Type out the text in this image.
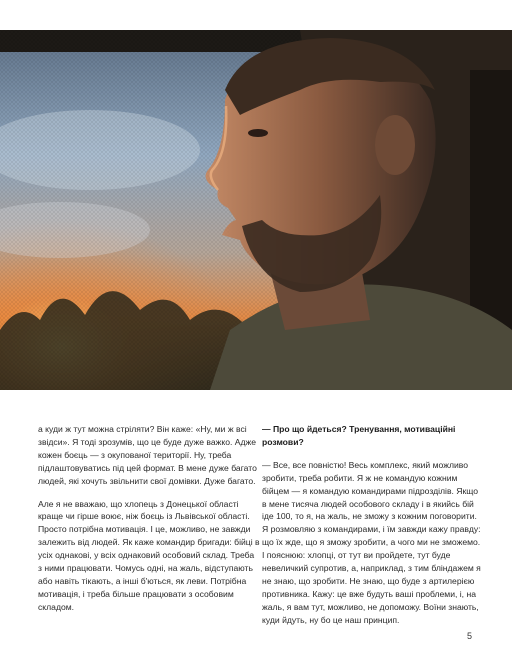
а куди ж тут можна стріляти? Він каже: «Ну, ми ж всі звідси». Я тоді зрозумів, що це буде дуже важко. Адже кожен боєць — з окупованої території. Ну, треба підлаштовуватись під цей формат. В мене дуже багато людей, які хочуть звільнити свої домівки. Дуже багато.

Але я не вважаю, що хлопець з Донецької області краще чи гірше воює, ніж боєць із Львівської області. Просто потрібна мотивація. І це, можливо, не завжди залежить від людей. Як каже командир бригади: бійці в усіх однакові, у всіх однаковий особовий склад. Треба з ними працювати. Чомусь одні, на жаль, відступають або навіть тікають, а інші б'ються, як леви. Потрібна мотивація, і треба більше працювати з особовим складом.

— Про що йдеться? Тренування, мотиваційні розмови?

— Все, все повністю! Весь комплекс, який можливо зробити, треба робити. Я ж не командую кожним бійцем — я командую командирами підрозділів. Якщо в мене тисяча людей особового складу і в якийсь бій іде 100, то я, на жаль, не зможу з кожним поговорити. Я розмовляю з командирами, і їм завжди кажу правду: що їх жде, що я зможу зробити, а чого ми не зможемо. І пояснюю: хлопці, от тут ви пройдете, тут буде невеличкий супротив, а, наприклад, з тим бліндажем я не знаю, що зробити. Не знаю, що буде з артилерією противника. Кажу: це вже будуть ваші проблеми, і, на жаль, я вам тут, можливо, не допоможу. Воїни знають, куди йдуть, ну бо це наш принцип.

5
